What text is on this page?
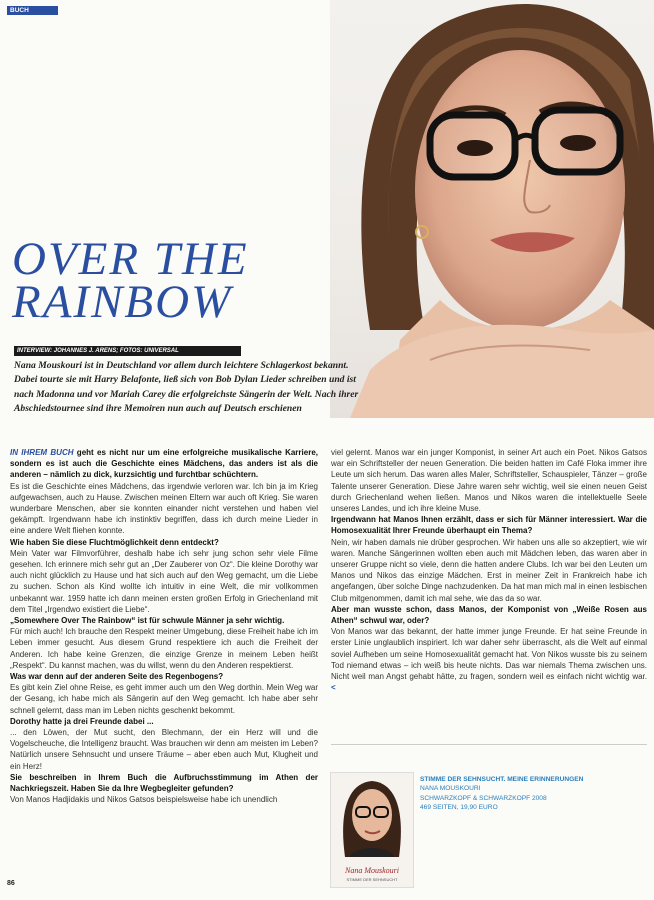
BUCH
OVER THE
RAINBOW
INTERVIEW: JOHANNES J. ARENS; FOTOS: UNIVERSAL
Nana Mouskouri ist in Deutschland vor allem durch leichtere Schlagerkost bekannt.
Dabei tourte sie mit Harry Belafonte, ließ sich von Bob Dylan Lieder schreiben und ist
nach Madonna und vor Mariah Carey die erfolgreichste Sängerin der Welt. Nach ihrer
Abschiedstournee sind ihre Memoiren nun auch auf Deutsch erschienen

IN IHREM BUCH geht es nicht nur um eine erfolgreiche musikalische Karriere, sondern es ist auch die Geschichte eines Mädchens, das anders ist als die anderen – nämlich zu dick, kurzsichtig und furchtbar schüchtern.

Es ist die Geschichte eines Mädchens, das irgendwie verloren war. Ich bin ja im Krieg aufgewachsen, auch zu Hause. Zwischen meinen Eltern war auch oft Krieg. Sie waren wunderbare Menschen, aber sie konnten einander nicht verstehen und haben viel gekämpft. Irgendwann habe ich instinktiv begriffen, dass ich durch meine Lieder in eine andere Welt fliehen konnte.

Wie haben Sie diese Fluchtmöglichkeit denn entdeckt?

Mein Vater war Filmvorführer, deshalb habe ich sehr jung schon sehr viele Filme gesehen. Ich erinnere mich sehr gut an „Der Zauberer von Oz“. Die kleine Dorothy war auch nicht glücklich zu Hause und hat sich auch auf den Weg gemacht, um die Liebe zu suchen. Schon als Kind wollte ich intuitiv in eine Welt, die mir vollkommen unbekannt war. 1959 hatte ich dann meinen ersten großen Erfolg in Griechenland mit dem Titel „Irgendwo existiert die Liebe“.

„Somewhere Over The Rainbow“ ist für schwule Männer ja sehr wichtig.

Für mich auch! Ich brauche den Respekt meiner Umgebung, diese Freiheit habe ich im Leben immer gesucht. Aus diesem Grund respektiere ich auch die Freiheit der Anderen. Ich habe keine Grenzen, die einzige Grenze in meinem Leben heißt „Respekt“. Du kannst machen, was du willst, wenn du den Anderen respektierst.

Was war denn auf der anderen Seite des Regenbogens?

Es gibt kein Ziel ohne Reise, es geht immer auch um den Weg dorthin. Mein Weg war der Gesang, ich habe mich als Sängerin auf den Weg gemacht. Ich habe aber sehr schnell gelernt, dass man im Leben nichts geschenkt bekommt.

Dorothy hatte ja drei Freunde dabei ...

... den Löwen, der Mut sucht, den Blechmann, der ein Herz will und die Vogelscheuche, die Intelligenz braucht. Was brauchen wir denn am meisten im Leben? Natürlich unsere Sehnsucht und unsere Träume – aber eben auch Mut, Klugheit und ein Herz!

Sie beschreiben in Ihrem Buch die Aufbruchsstimmung im Athen der Nachkriegszeit. Haben Sie da Ihre Wegbegleiter gefunden?

Von Manos Hadjidakis und Nikos Gatsos beispielsweise habe ich unendlich

viel gelernt. Manos war ein junger Komponist, in seiner Art auch ein Poet. Nikos Gatsos war ein Schriftsteller der neuen Generation. Die beiden hatten im Café Floka immer ihre Leute um sich herum. Das waren alles Maler, Schriftsteller, Schauspieler, Tänzer – große Talente unserer Generation. Diese Jahre waren sehr wichtig, weil sie einen neuen Geist durch Griechenland wehen ließen. Manos und Nikos waren die intellektuelle Seele unseres Landes, und ich ihre kleine Muse.

Irgendwann hat Manos Ihnen erzählt, dass er sich für Männer interessiert. War die Homosexualität Ihrer Freunde überhaupt ein Thema?

Nein, wir haben damals nie drüber gesprochen. Wir haben uns alle so akzeptiert, wie wir waren. Manche Sängerinnen wollten eben auch mit Mädchen leben, das waren aber in unserer Gruppe nicht so viele, denn die hatten andere Clubs. Ich war bei den Leuten um Manos und Nikos das einzige Mädchen. Erst in meiner Zeit in Frankreich habe ich angefangen, über solche Dinge nachzudenken. Da hat man mich mal in einen lesbischen Club mitgenommen, damit ich mal sehe, wie das da so war.

Aber man wusste schon, dass Manos, der Komponist von „Weiße Rosen aus Athen“ schwul war, oder?

Von Manos war das bekannt, der hatte immer junge Freunde. Er hat seine Freunde in erster Linie unglaublich inspiriert. Ich war daher sehr überrascht, als die Welt auf einmal soviel Aufheben um seine Homosexualität gemacht hat. Von Nikos wusste bis zu seinem Tod niemand etwas – ich weiß bis heute nichts. Das war niemals Thema zwischen uns. Nicht weil man Angst gehabt hätte, zu fragen, sondern weil es einfach nicht wichtig war. <

Nana Mouskouri
STIMME DER SEHNSUCHT
STIMME DER SEHNSUCHT. MEINE ERINNERUNGEN
NANA MOUSKOURI
SCHWARZKOPF & SCHWARZKOPF 2008
469 SEITEN, 19,90 EURO
86
